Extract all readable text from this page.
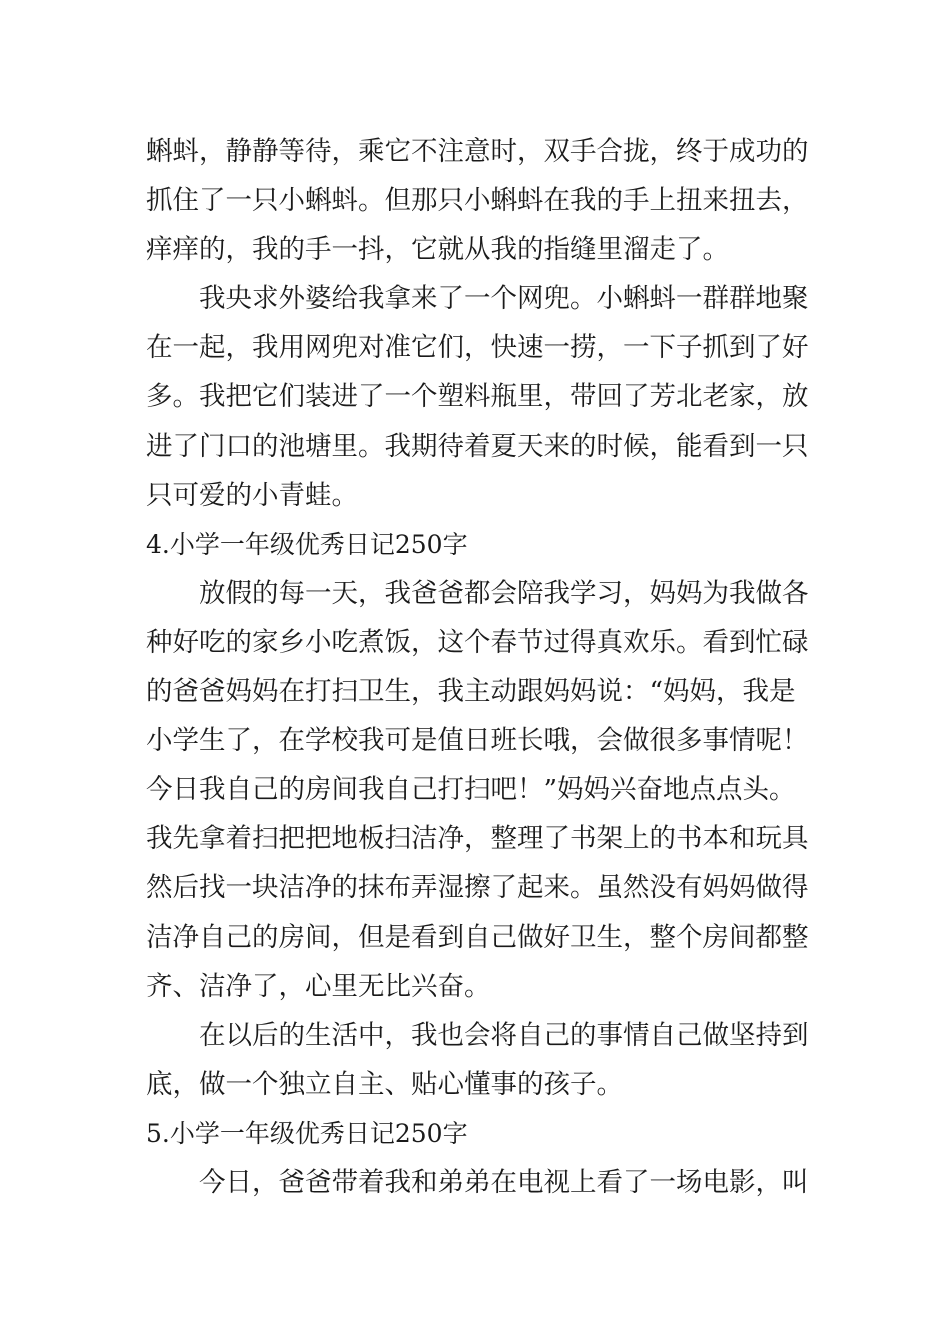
蝌蚪，静静等待，乘它不注意时，双手合拢，终于成功的
抓住了一只小蝌蚪。但那只小蝌蚪在我的手上扭来扭去，
痒痒的，我的手一抖，它就从我的指缝里溜走了。
我央求外婆给我拿来了一个网兜。小蝌蚪一群群地聚
在一起，我用网兜对准它们，快速一捞，一下子抓到了好
多。我把它们装进了一个塑料瓶里，带回了芳北老家，放
进了门口的池塘里。我期待着夏天来的时候，能看到一只
只可爱的小青蛙。
4.小学一年级优秀日记250字
放假的每一天，我爸爸都会陪我学习，妈妈为我做各
种好吃的家乡小吃煮饭，这个春节过得真欢乐。看到忙碌
的爸爸妈妈在打扫卫生，我主动跟妈妈说：“妈妈，我是
小学生了，在学校我可是值日班长哦，会做很多事情呢！
今日我自己的房间我自己打扫吧！”妈妈兴奋地点点头。
我先拿着扫把把地板扫洁净，整理了书架上的书本和玩具
然后找一块洁净的抹布弄湿擦了起来。虽然没有妈妈做得
洁净自己的房间，但是看到自己做好卫生，整个房间都整
齐、洁净了，心里无比兴奋。
在以后的生活中，我也会将自己的事情自己做坚持到
底，做一个独立自主、贴心懂事的孩子。
5.小学一年级优秀日记250字
今日，爸爸带着我和弟弟在电视上看了一场电影，叫
